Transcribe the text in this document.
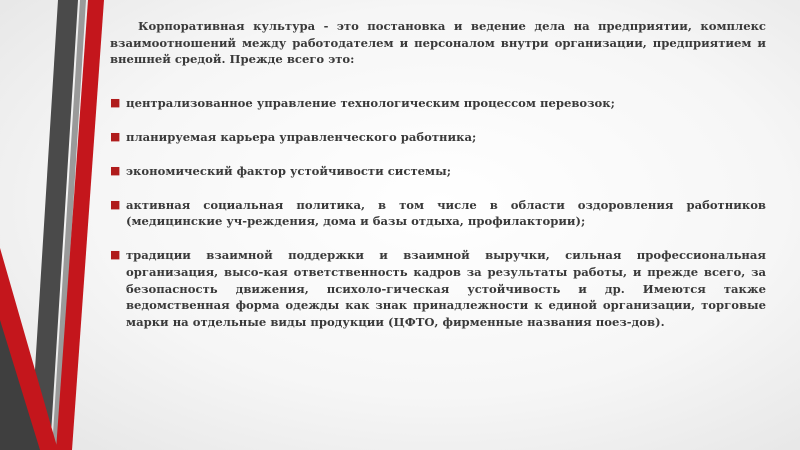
Корпоративная культура - это постановка и ведение дела на предприятии, комплекс взаимоотношений между работодателем и персоналом внутри организации, предприятием и внешней средой. Прежде всего это:

■ централизованное управление технологическим процессом перевозок;
■ планируемая карьера управленческого работника;
■ экономический фактор устойчивости системы;
■ активная социальная политика, в том числе в области оздоровления работников (медицинские уч-реждения, дома и базы отдыха, профилактории);
■ традиции взаимной поддержки и взаимной выручки, сильная профессиональная организация, высо-кая ответственность кадров за результаты работы, и прежде всего, за безопасность движения, психоло-гическая устойчивость и др. Имеются также ведомственная форма одежды как знак принадлежности к единой организации, торговые марки на отдельные виды продукции (ЦФТО, фирменные названия поез-дов).
